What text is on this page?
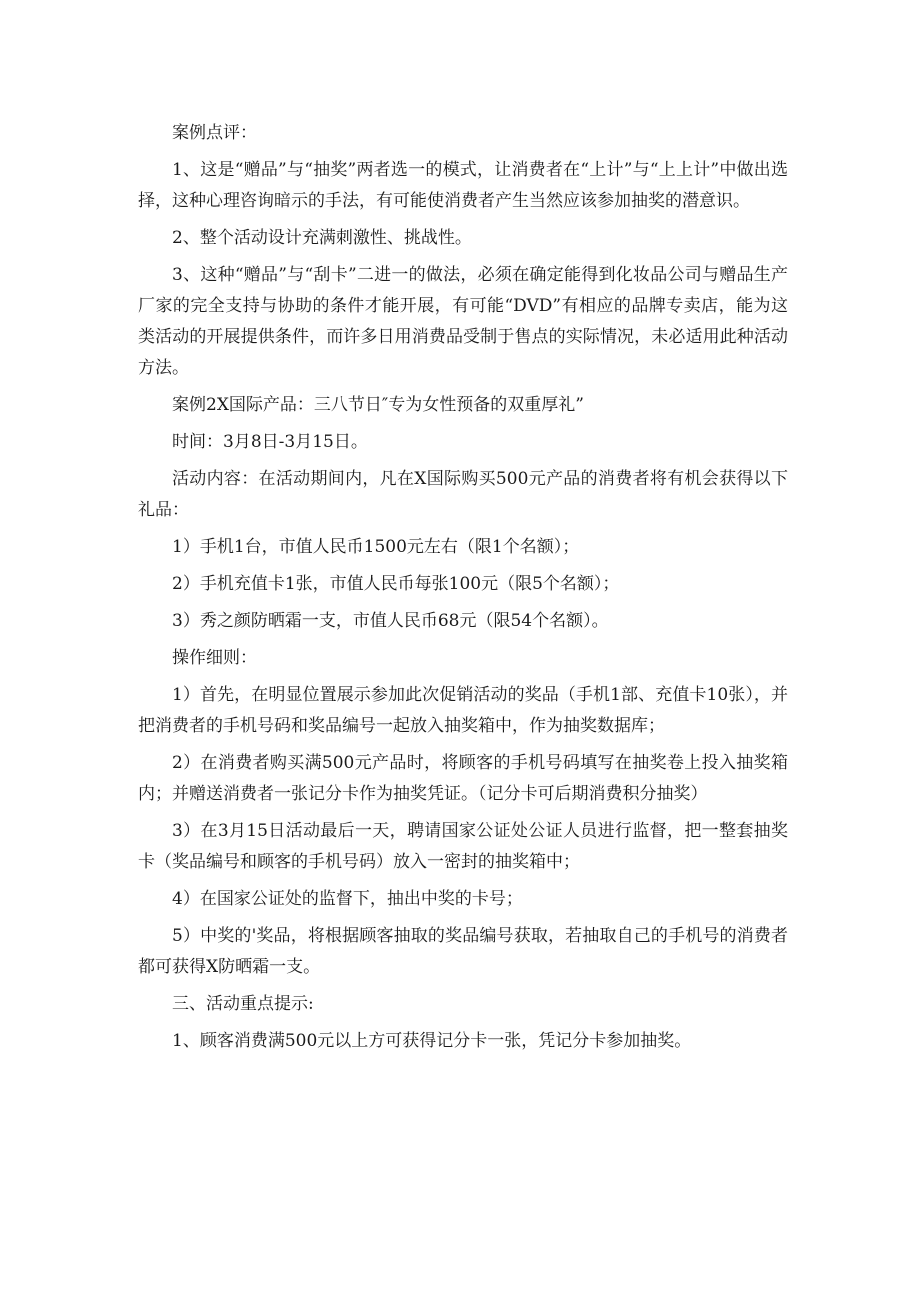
案例点评：

1、这是“赠品”与“抽奖”两者选一的模式，让消费者在“上计”与“上上计”中做出选择，这种心理咨询暗示的手法，有可能使消费者产生当然应该参加抽奖的潜意识。

2、整个活动设计充满刺激性、挑战性。

3、这种“赠品”与“刮卡”二进一的做法，必须在确定能得到化妆品公司与赠品生产厂家的完全支持与协助的条件才能开展，有可能“DVD”有相应的品牌专卖店，能为这类活动的开展提供条件，而许多日用消费品受制于售点的实际情况，未必适用此种活动方法。

案例2X国际产品：三八节日″专为女性预备的双重厚礼”

时间：3月8日-3月15日。

活动内容：在活动期间内，凡在X国际购买500元产品的消费者将有机会获得以下礼品：

1）手机1台，市值人民币1500元左右（限1个名额）；

2）手机充值卡1张，市值人民币每张100元（限5个名额）；

3）秀之颜防晒霜一支，市值人民币68元（限54个名额）。

操作细则：

1）首先，在明显位置展示参加此次促销活动的奖品（手机1部、充值卡10张），并把消费者的手机号码和奖品编号一起放入抽奖箱中，作为抽奖数据库；

2）在消费者购买满500元产品时，将顾客的手机号码填写在抽奖卷上投入抽奖箱内；并赠送消费者一张记分卡作为抽奖凭证。（记分卡可后期消费积分抽奖）

3）在3月15日活动最后一天，聘请国家公证处公证人员进行监督，把一整套抽奖卡（奖品编号和顾客的手机号码）放入一密封的抽奖箱中；

4）在国家公证处的监督下，抽出中奖的卡号；

5）中奖的'奖品，将根据顾客抽取的奖品编号获取，若抽取自己的手机号的消费者都可获得X防晒霜一支。

三、活动重点提示:

1、顾客消费满500元以上方可获得记分卡一张，凭记分卡参加抽奖。
